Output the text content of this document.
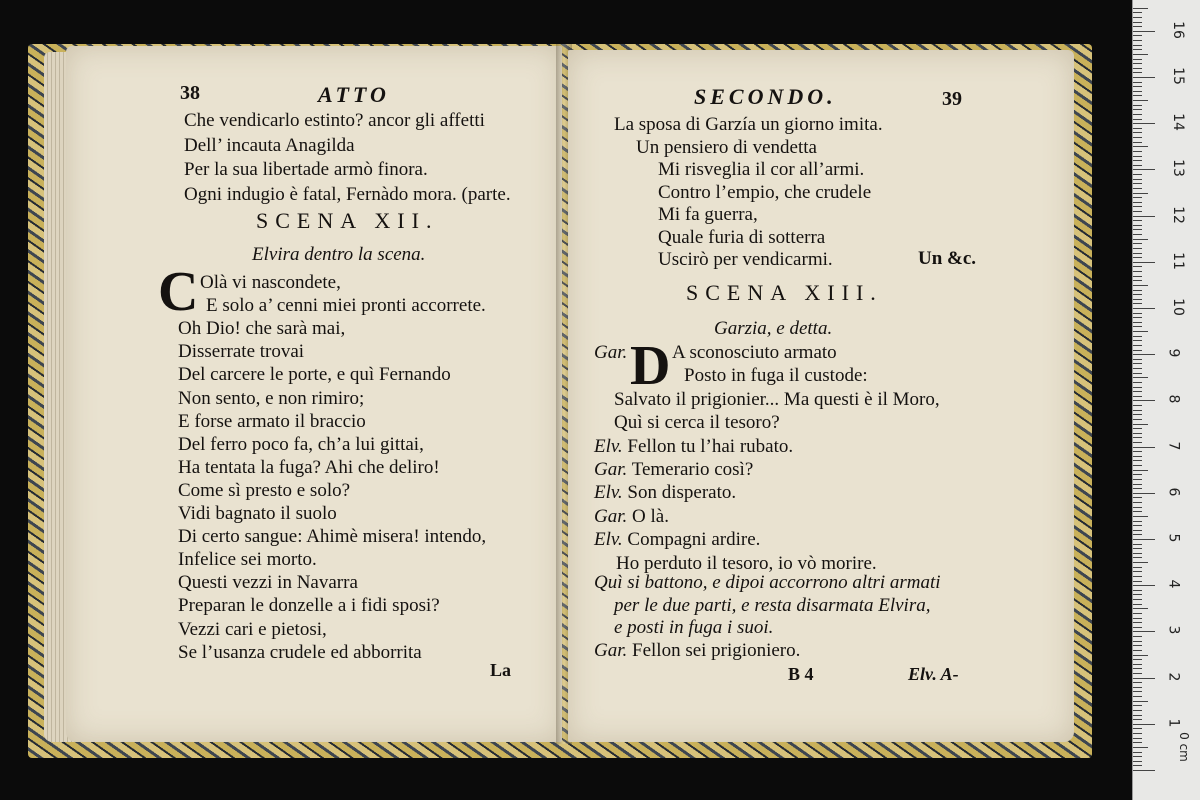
38	ATTO
Che vendicarlo estinto? ancor gli affetti
Dell’ incauta Anagilda
Per la sua libertade armò finora.
Ogni indugio è fatal, Fernàdo mora. (parte.
SCENA XII.
Elvira dentro la scena.
C Olà vi nascondete,
E solo a’ cenni miei pronti accorrete.
Oh Dio! che sarà mai,
Disserrate trovai
Del carcere le porte, e quì Fernando
Non sento, e non rimiro;
E forse armato il braccio
Del ferro poco fa, ch’a lui gittai,
Ha tentata la fuga? Ahi che deliro!
Come sì presto e solo?
Vidi bagnato il suolo
Di certo sangue: Ahimè misera! intendo,
Infelice sei morto.
Questi vezzi in Navarra
Preparan le donzelle a i fidi sposi?
Vezzi cari e pietosi,
Se l’usanza crudele ed abborrita
La
SECONDO.	39
La sposa di Garzía un giorno imita.
Un pensiero di vendetta
Mi risveglia il cor all’armi.
Contro l’empio, che crudele
Mi fa guerra,
Quale furia di sotterra
Uscirò per vendicarmi.	Un &c.
SCENA XIII.
Garzia, e detta.
D
Gar. A sconosciuto armato
Posto in fuga il custode:
Salvato il prigionier... Ma questi è il Moro,
Quì si cerca il tesoro?
Elv. Fellon tu l’hai rubato.
Gar. Temerario così?
Elv. Son disperato.
Gar. O là.
Elv. Compagni ardire.
Ho perduto il tesoro, io vò morire.
Quì si battono, e dipoi accorrono altri armati
per le due parti, e resta disarmata Elvira,
e posti in fuga i suoi.
Gar. Fellon sei prigioniero.
B 4	Elv. A-
1
2
3
4
5
6
7
8
9
10
11
12
13
14
15
16
0 cm
